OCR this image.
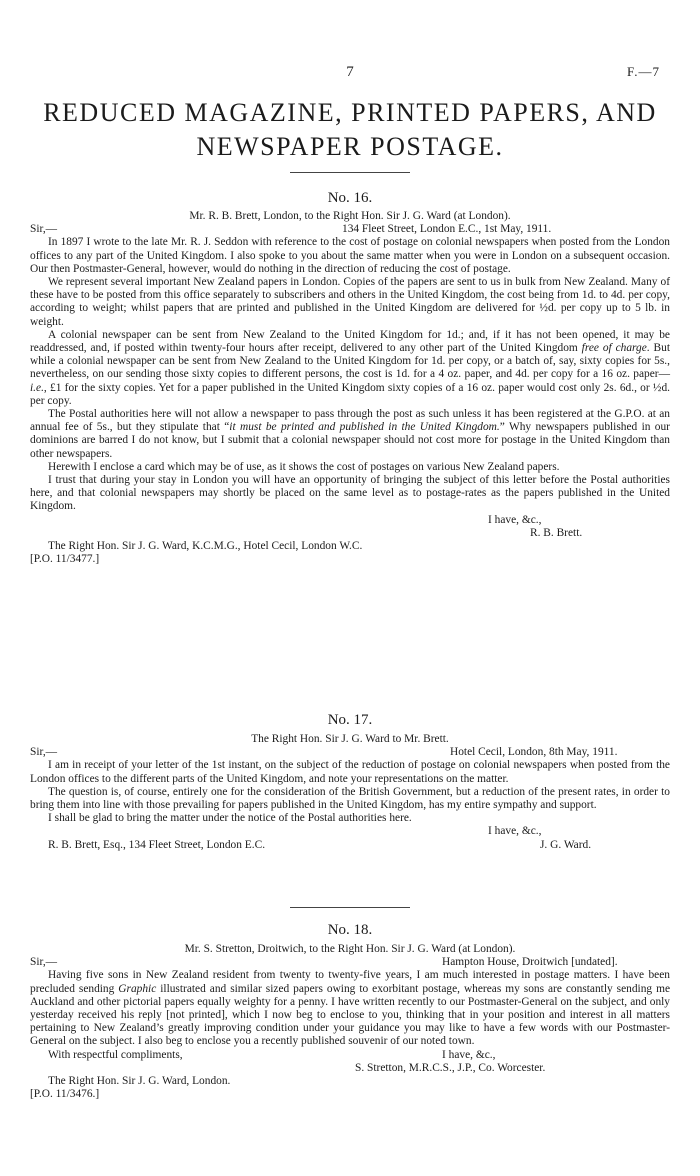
7	F.—7
REDUCED MAGAZINE, PRINTED PAPERS, AND NEWSPAPER POSTAGE.
No. 16.
Mr. R. B. Brett, London, to the Right Hon. Sir J. G. Ward (at London).
Sir,—	134 Fleet Street, London E.C., 1st May, 1911.

In 1897 I wrote to the late Mr. R. J. Seddon with reference to the cost of postage on colonial newspapers when posted from the London offices to any part of the United Kingdom. I also spoke to you about the same matter when you were in London on a subsequent occasion. Our then Postmaster-General, however, would do nothing in the direction of reducing the cost of postage.

We represent several important New Zealand papers in London. Copies of the papers are sent to us in bulk from New Zealand. Many of these have to be posted from this office separately to subscribers and others in the United Kingdom, the cost being from 1d. to 4d. per copy, according to weight; whilst papers that are printed and published in the United Kingdom are delivered for ½d. per copy up to 5 lb. in weight.

A colonial newspaper can be sent from New Zealand to the United Kingdom for 1d.; and, if it has not been opened, it may be readdressed, and, if posted within twenty-four hours after receipt, delivered to any other part of the United Kingdom free of charge. But while a colonial newspaper can be sent from New Zealand to the United Kingdom for 1d. per copy, or a batch of, say, sixty copies for 5s., nevertheless, on our sending those sixty copies to different persons, the cost is 1d. for a 4 oz. paper, and 4d. per copy for a 16 oz. paper—i.e., £1 for the sixty copies. Yet for a paper published in the United Kingdom sixty copies of a 16 oz. paper would cost only 2s. 6d., or ½d. per copy.

The Postal authorities here will not allow a newspaper to pass through the post as such unless it has been registered at the G.P.O. at an annual fee of 5s., but they stipulate that “it must be printed and published in the United Kingdom.” Why newspapers published in our dominions are barred I do not know, but I submit that a colonial newspaper should not cost more for postage in the United Kingdom than other newspapers.

Herewith I enclose a card which may be of use, as it shows the cost of postages on various New Zealand papers.

I trust that during your stay in London you will have an opportunity of bringing the subject of this letter before the Postal authorities here, and that colonial newspapers may shortly be placed on the same level as to postage-rates as the papers published in the United Kingdom.

I have, &c.,
R. B. Brett.

The Right Hon. Sir J. G. Ward, K.C.M.G., Hotel Cecil, London W.C.

[P.O. 11/3477.]

No. 17.
The Right Hon. Sir J. G. Ward to Mr. Brett.
Sir,—	Hotel Cecil, London, 8th May, 1911.

I am in receipt of your letter of the 1st instant, on the subject of the reduction of postage on colonial newspapers when posted from the London offices to the different parts of the United Kingdom, and note your representations on the matter.

The question is, of course, entirely one for the consideration of the British Government, but a reduction of the present rates, in order to bring them into line with those prevailing for papers published in the United Kingdom, has my entire sympathy and support.

I shall be glad to bring the matter under the notice of the Postal authorities here.

I have, &c.,
R. B. Brett, Esq., 134 Fleet Street, London E.C.	J. G. Ward.
No. 18.
Mr. S. Stretton, Droitwich, to the Right Hon. Sir J. G. Ward (at London).
Sir,—	Hampton House, Droitwich [undated].

Having five sons in New Zealand resident from twenty to twenty-five years, I am much interested in postage matters. I have been precluded sending Graphic illustrated and similar sized papers owing to exorbitant postage, whereas my sons are constantly sending me Auckland and other pictorial papers equally weighty for a penny. I have written recently to our Postmaster-General on the subject, and only yesterday received his reply [not printed], which I now beg to enclose to you, thinking that in your position and interest in all matters pertaining to New Zealand’s greatly improving condition under your guidance you may like to have a few words with our Postmaster-General on the subject. I also beg to enclose you a recently published souvenir of our noted town.

With respectful compliments,	I have, &c.,
S. Stretton, M.R.C.S., J.P., Co. Worcester.

The Right Hon. Sir J. G. Ward, London.

[P.O. 11/3476.]
